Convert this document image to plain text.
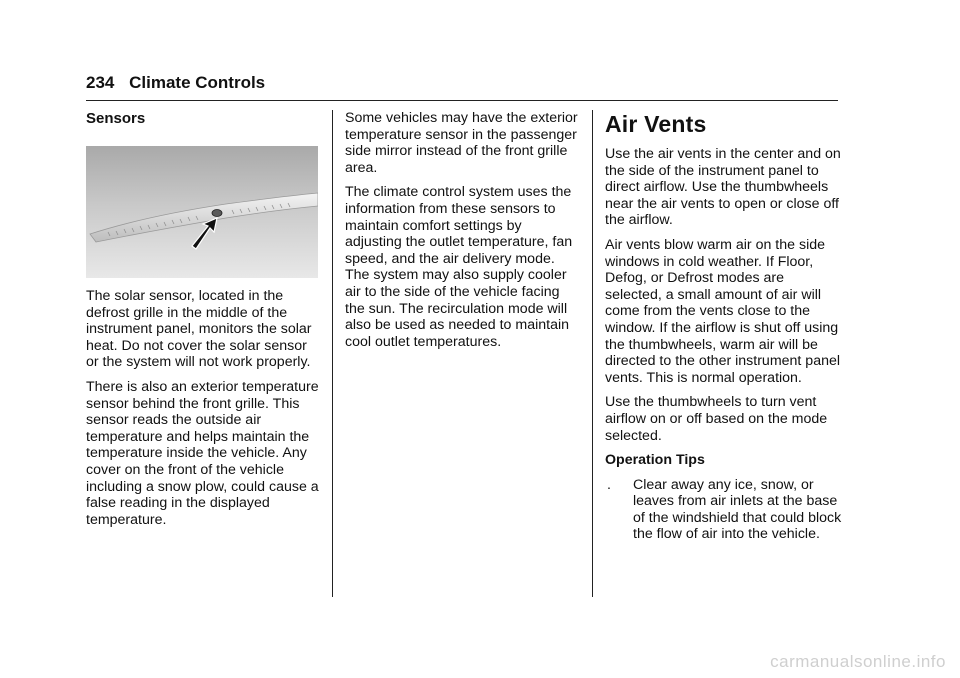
234 Climate Controls
Sensors

The solar sensor, located in the defrost grille in the middle of the instrument panel, monitors the solar heat. Do not cover the solar sensor or the system will not work properly.

There is also an exterior temperature sensor behind the front grille. This sensor reads the outside air temperature and helps maintain the temperature inside the vehicle. Any cover on the front of the vehicle including a snow plow, could cause a false reading in the displayed temperature.

Some vehicles may have the exterior temperature sensor in the passenger side mirror instead of the front grille area.

The climate control system uses the information from these sensors to maintain comfort settings by adjusting the outlet temperature, fan speed, and the air delivery mode. The system may also supply cooler air to the side of the vehicle facing the sun. The recirculation mode will also be used as needed to maintain cool outlet temperatures.

Air Vents

Use the air vents in the center and on the side of the instrument panel to direct airflow. Use the thumbwheels near the air vents to open or close off the airflow.

Air vents blow warm air on the side windows in cold weather. If Floor, Defog, or Defrost modes are selected, a small amount of air will come from the vents close to the window. If the airflow is shut off using the thumbwheels, warm air will be directed to the other instrument panel vents. This is normal operation.

Use the thumbwheels to turn vent airflow on or off based on the mode selected.

Operation Tips

.	Clear away any ice, snow, or leaves from air inlets at the base of the windshield that could block the flow of air into the vehicle.
carmanualsonline.info
